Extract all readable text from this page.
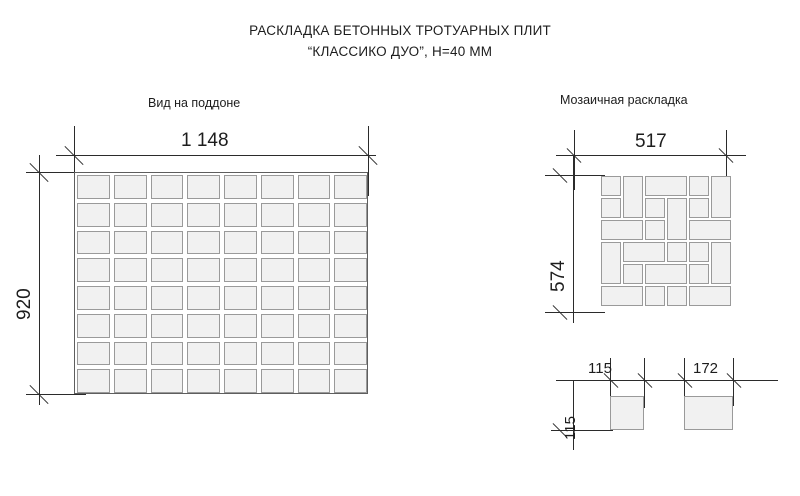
РАСКЛАДКА БЕТОННЫХ ТРОТУАРНЫХ ПЛИТ
“КЛАССИКО ДУО”, H=40 ММ
Вид на поддоне	Мозаичная раскладка
1 148
920
517
574
115
115
172
